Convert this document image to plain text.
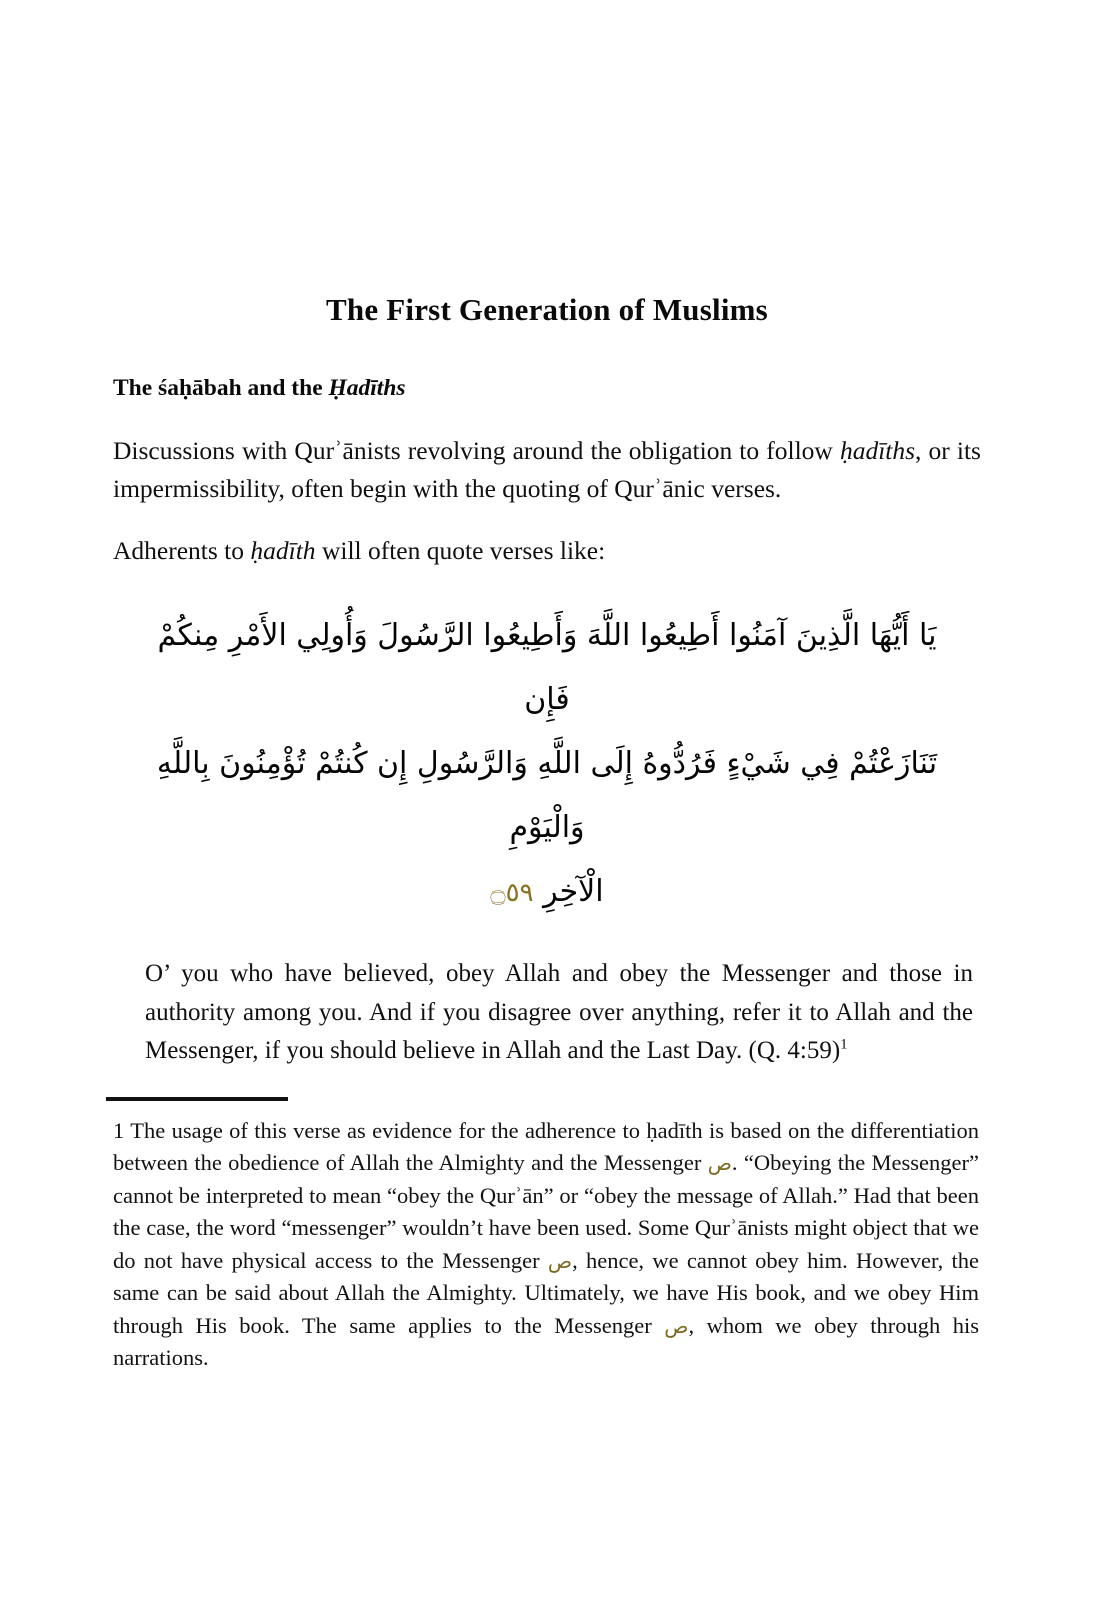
The First Generation of Muslims
The śaḥābah and the Ḥadīths

Discussions with Qurʾānists revolving around the obligation to follow ḥadīths, or its impermissibility, often begin with the quoting of Qurʾānic verses.

Adherents to ḥadīth will often quote verses like:

يَا أَيُّهَا الَّذِينَ آمَنُوا أَطِيعُوا اللَّهَ وَأَطِيعُوا الرَّسُولَ وَأُولِي الأَمْرِ مِنكُمْ فَإِن
تَنَازَعْتُمْ فِي شَيْءٍ فَرُدُّوهُ إِلَى اللَّهِ وَالرَّسُولِ إِن كُنتُمْ تُؤْمِنُونَ بِاللَّهِ وَالْيَوْمِ
الْآخِرِ ۝٥٩
O’ you who have believed, obey Allah and obey the Messenger and those in authority among you. And if you disagree over anything, refer it to Allah and the Messenger, if you should believe in Allah and the Last Day. (Q. 4:59)$^1$

1 The usage of this verse as evidence for the adherence to ḥadīth is based on the differentiation between the obedience of Allah the Almighty and the Messenger ص. “Obeying the Messenger” cannot be interpreted to mean “obey the Qurʾān” or “obey the message of Allah.” Had that been the case, the word “messenger” wouldn’t have been used. Some Qurʾānists might object that we do not have physical access to the Messenger ص, hence, we cannot obey him. However, the same can be said about Allah the Almighty. Ultimately, we have His book, and we obey Him through His book. The same applies to the Messenger ص, whom we obey through his narrations.
